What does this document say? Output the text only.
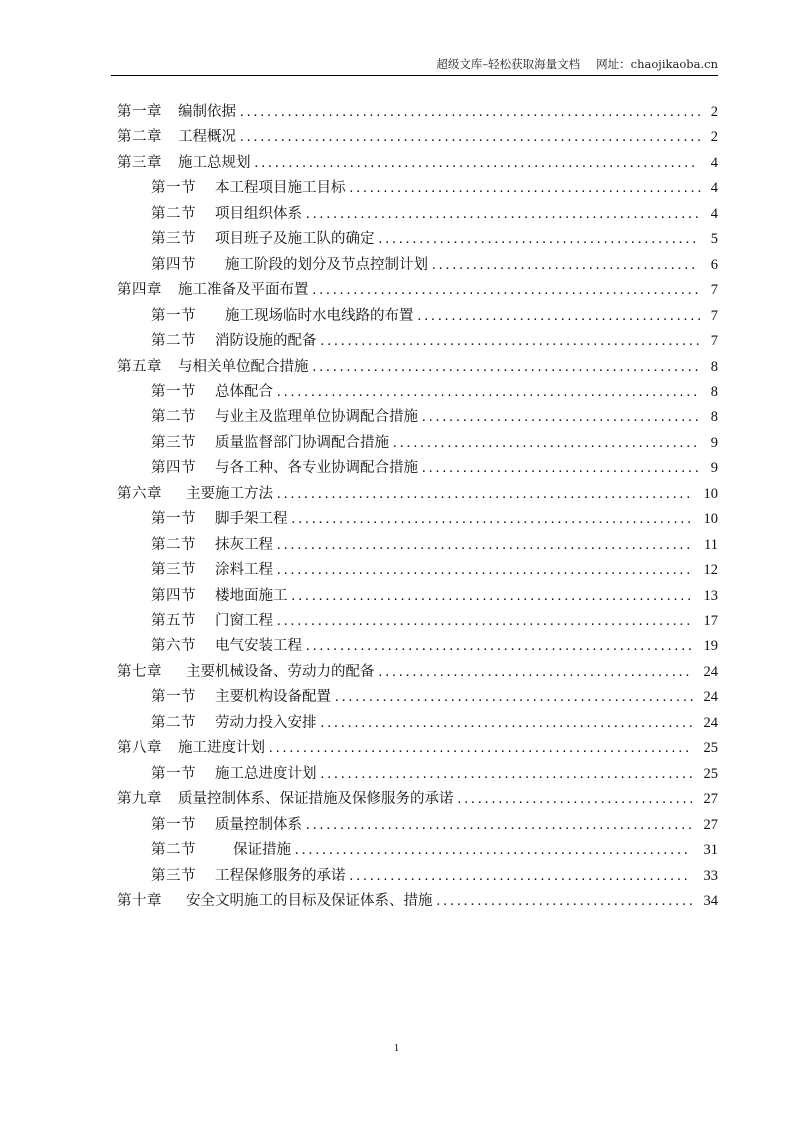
超级文库–轻松获取海量文档 网址：chaojikaoba.cn
第一章	编制依据 .................................................................... 2
第二章	工程概况 .................................................................... 2
第三章	施工总规划 ................................................................. 4
第一节	本工程项目施工目标 .................................................... 4
第二节	项目组织体系 .......................................................... 4
第三节	项目班子及施工队的确定 ............................................... 5
第四节	施工阶段的划分及节点控制计划 ....................................... 6
第四章	施工准备及平面布置 ......................................................... 7
第一节	施工现场临时水电线路的布置 .......................................... 7
第二节	消防设施的配备 ........................................................ 7
第五章	与相关单位配合措施 ......................................................... 8
第一节	总体配合 .............................................................. 8
第二节	与业主及监理单位协调配合措施 ......................................... 8
第三节	质量监督部门协调配合措施 ............................................. 9
第四节	与各工种、各专业协调配合措施 ......................................... 9
第六章	主要施工方法 ............................................................. 10
第一节	脚手架工程 ........................................................... 10
第二节	抹灰工程 ............................................................. 11
第三节	涂料工程 ............................................................. 12
第四节	楼地面施工 ........................................................... 13
第五节	门窗工程 ............................................................. 17
第六节	电气安装工程 ......................................................... 19
第七章	主要机械设备、劳动力的配备 .............................................. 24
第一节	主要机构设备配置 ..................................................... 24
第二节	劳动力投入安排 ....................................................... 24
第八章	施工进度计划 .............................................................. 25
第一节	施工总进度计划 ....................................................... 25
第九章	质量控制体系、保证措施及保修服务的承诺 ................................... 27
第一节	质量控制体系 ......................................................... 27
第二节	保证措施 .......................................................... 31
第三节	工程保修服务的承诺 .................................................. 33
第十章	安全文明施工的目标及保证体系、措施 ...................................... 34
1
